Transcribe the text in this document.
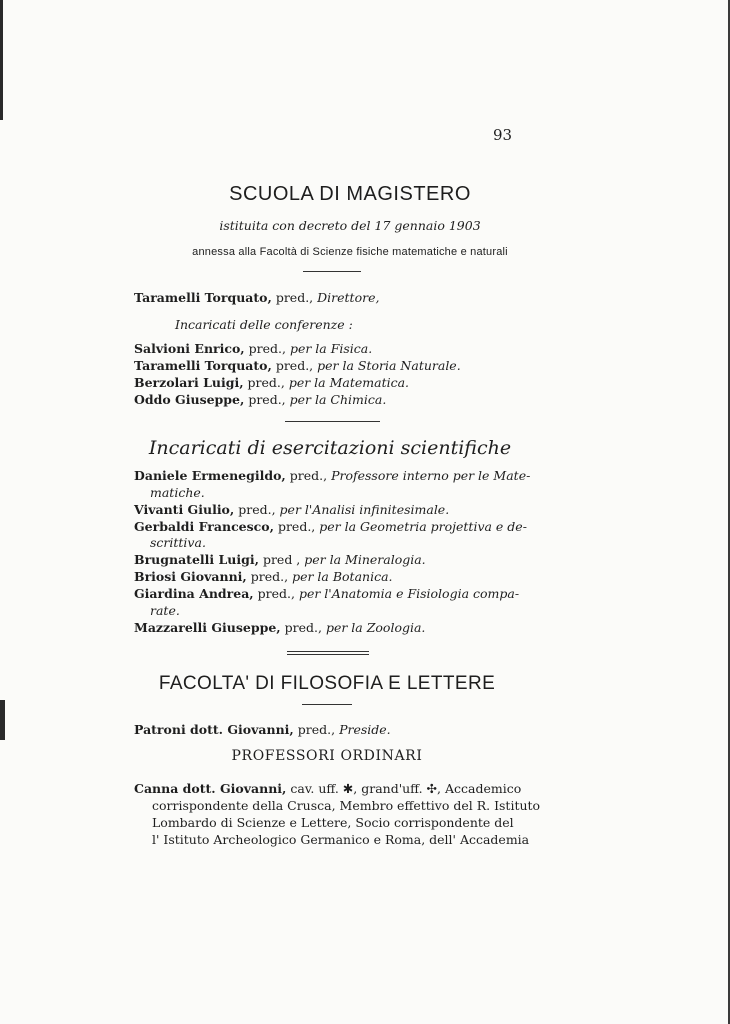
93
SCUOLA DI MAGISTERO
istituita con decreto del 17 gennaio 1903
annessa alla Facoltà di Scienze fisiche matematiche e naturali
Taramelli Torquato, pred., Direttore,
Incaricati delle conferenze :
Salvioni Enrico, pred., per la Fisica.
Taramelli Torquato, pred., per la Storia Naturale.
Berzolari Luigi, pred., per la Matematica.
Oddo Giuseppe, pred., per la Chimica.
Incaricati di esercitazioni scientifiche
Daniele Ermenegildo, pred., Professore interno per le Mate-
matiche.
Vivanti Giulio, pred., per l'Analisi infinitesimale.
Gerbaldi Francesco, pred., per la Geometria projettiva e de-
scrittiva.
Brugnatelli Luigi, pred , per la Mineralogia.
Briosi Giovanni, pred., per la Botanica.
Giardina Andrea, pred., per l'Anatomia e Fisiologia compa-
rate.
Mazzarelli Giuseppe, pred., per la Zoologia.
FACOLTA' DI FILOSOFIA E LETTERE
Patroni dott. Giovanni, pred., Preside.
PROFESSORI ORDINARI
Canna dott. Giovanni, cav. uff. ✱, grand'uff. ✣, Accademico
corrispondente della Crusca, Membro effettivo del R. Istituto
Lombardo di Scienze e Lettere, Socio corrispondente del
l' Istituto Archeologico Germanico e Roma, dell' Accademia
